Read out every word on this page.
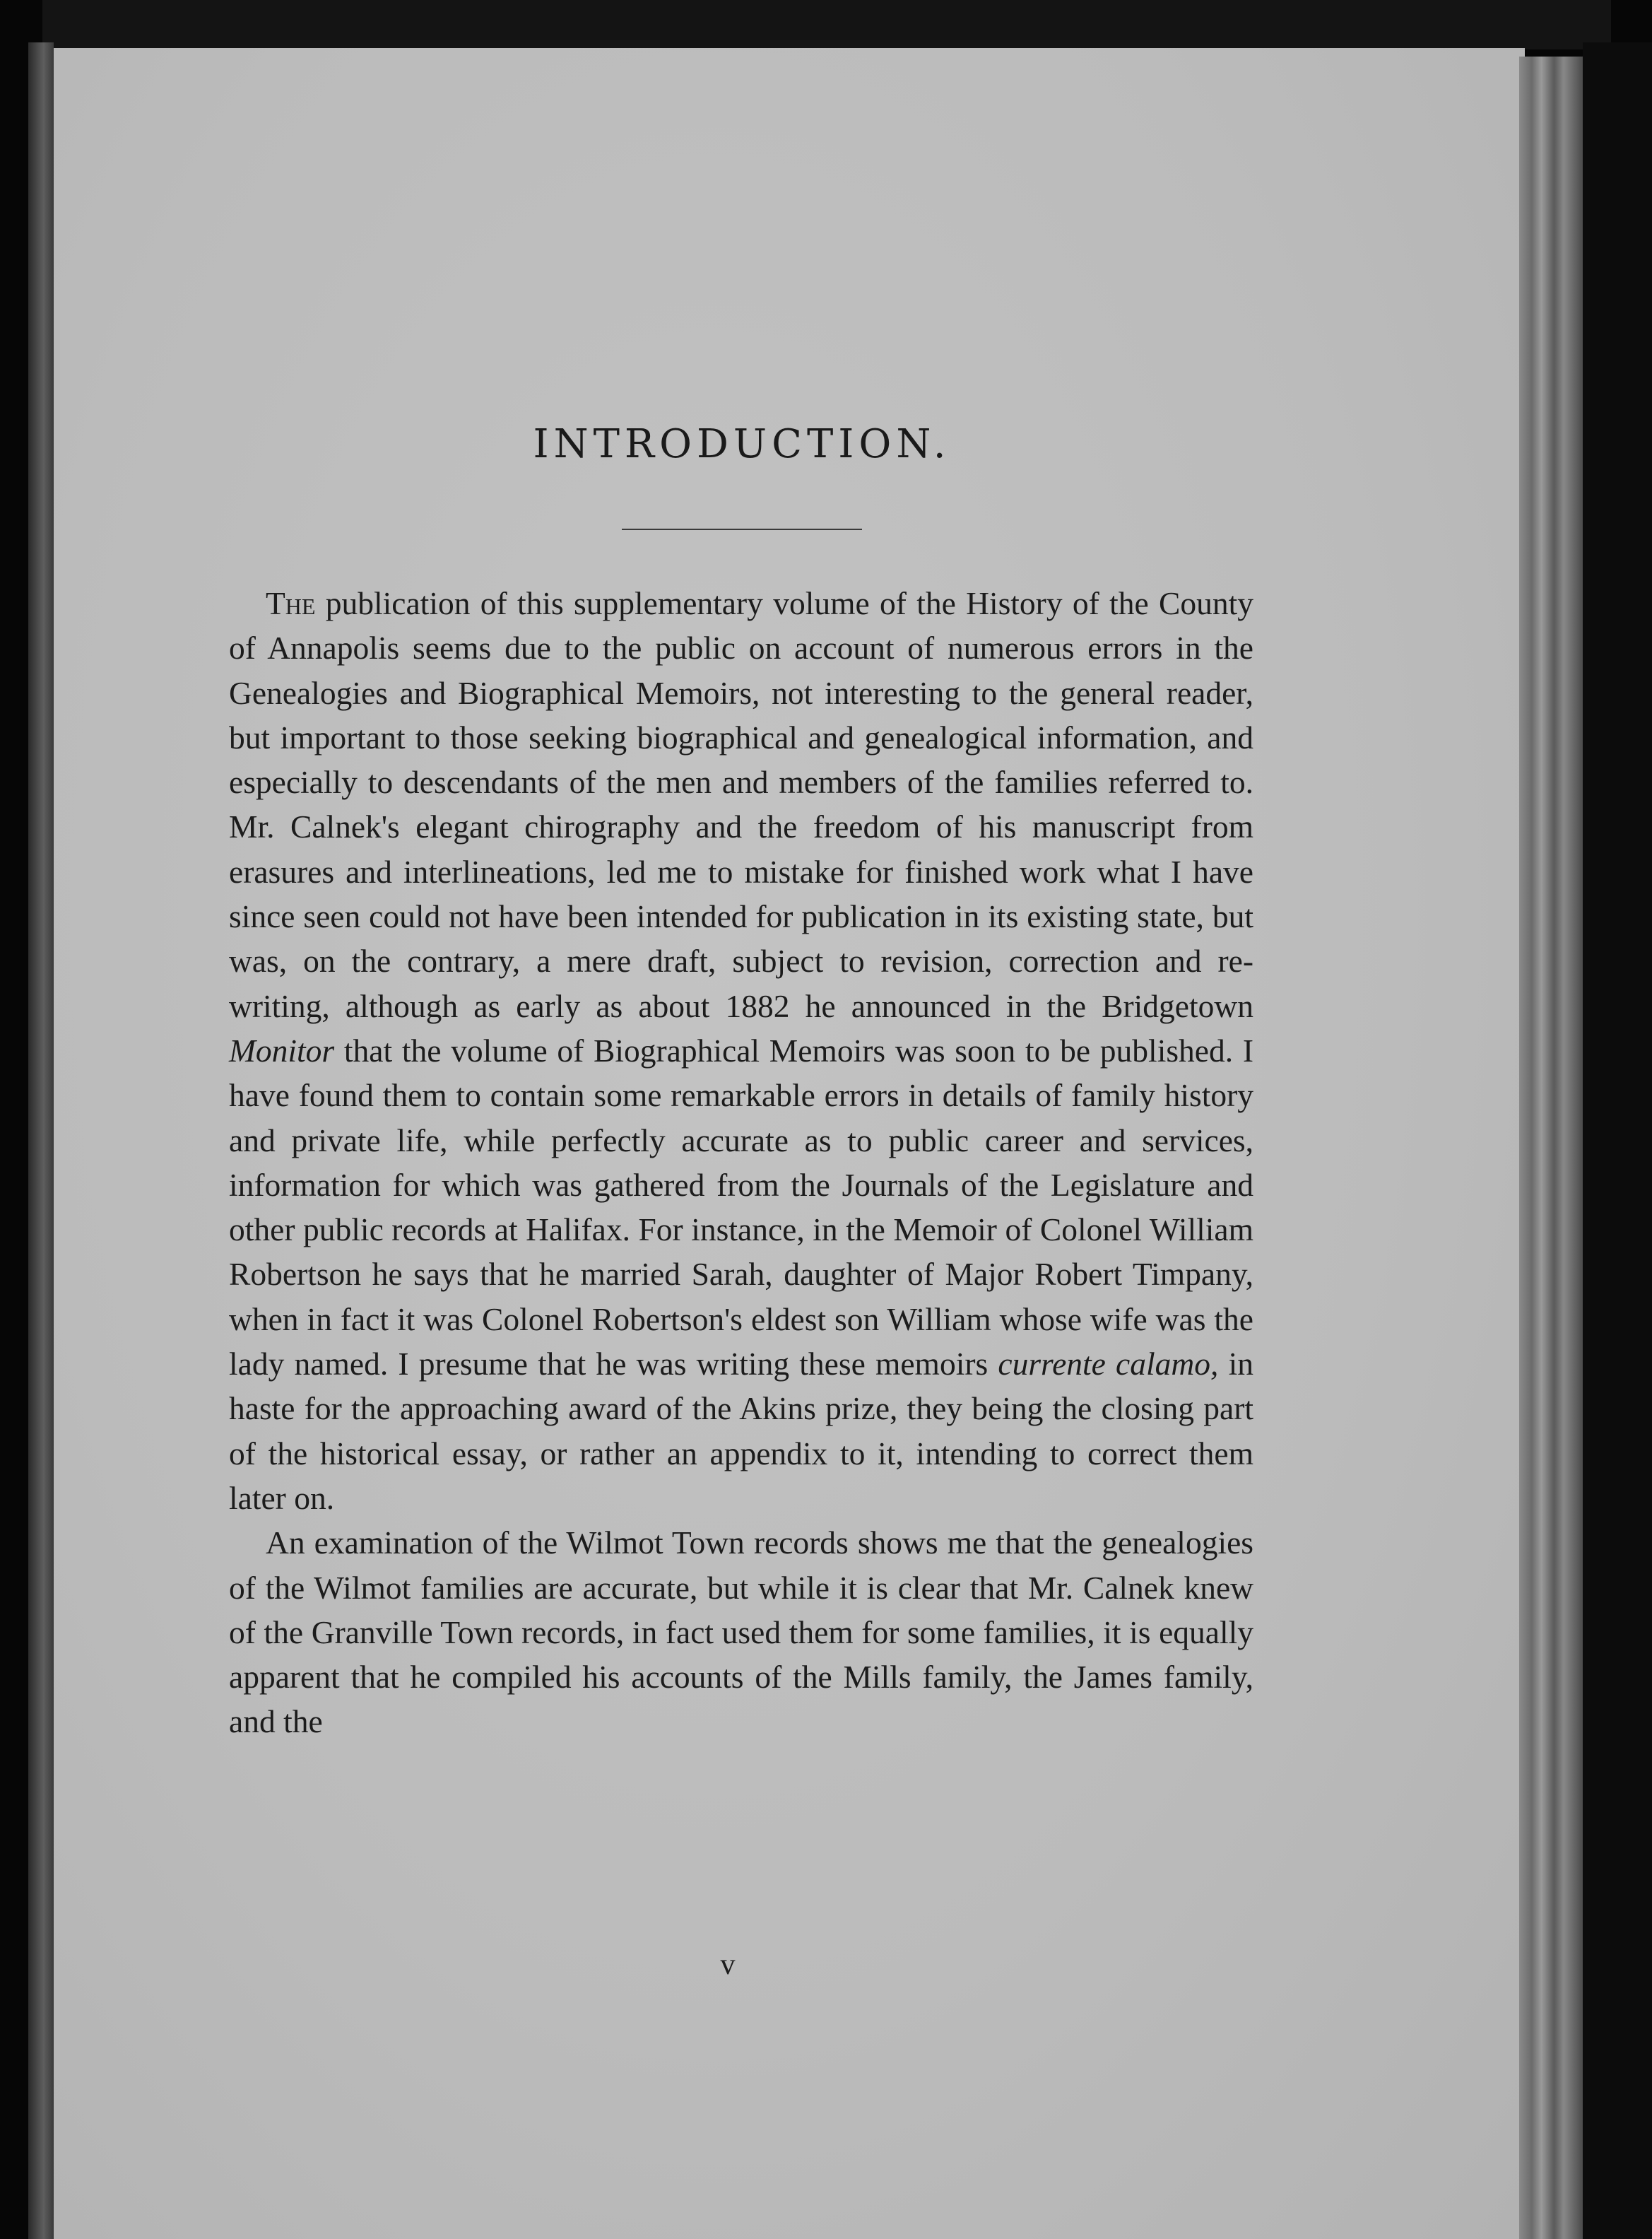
INTRODUCTION.

The publication of this supplementary volume of the History of the County of Annapolis seems due to the public on account of numerous errors in the Genealogies and Biographical Memoirs, not interesting to the general reader, but important to those seeking biographical and genealogical information, and especially to descendants of the men and members of the families referred to. Mr. Calnek's elegant chirography and the freedom of his manuscript from erasures and interlineations, led me to mistake for finished work what I have since seen could not have been intended for publication in its existing state, but was, on the contrary, a mere draft, subject to revision, correction and re-writing, although as early as about 1882 he announced in the Bridgetown Monitor that the volume of Biographical Memoirs was soon to be published. I have found them to contain some remarkable errors in details of family history and private life, while perfectly accurate as to public career and services, information for which was gathered from the Journals of the Legislature and other public records at Halifax. For instance, in the Memoir of Colonel William Robertson he says that he married Sarah, daughter of Major Robert Timpany, when in fact it was Colonel Robertson's eldest son William whose wife was the lady named. I presume that he was writing these memoirs currente calamo, in haste for the approaching award of the Akins prize, they being the closing part of the historical essay, or rather an appendix to it, intending to correct them later on.

An examination of the Wilmot Town records shows me that the genealogies of the Wilmot families are accurate, but while it is clear that Mr. Calnek knew of the Granville Town records, in fact used them for some families, it is equally apparent that he compiled his accounts of the Mills family, the James family, and the

v
